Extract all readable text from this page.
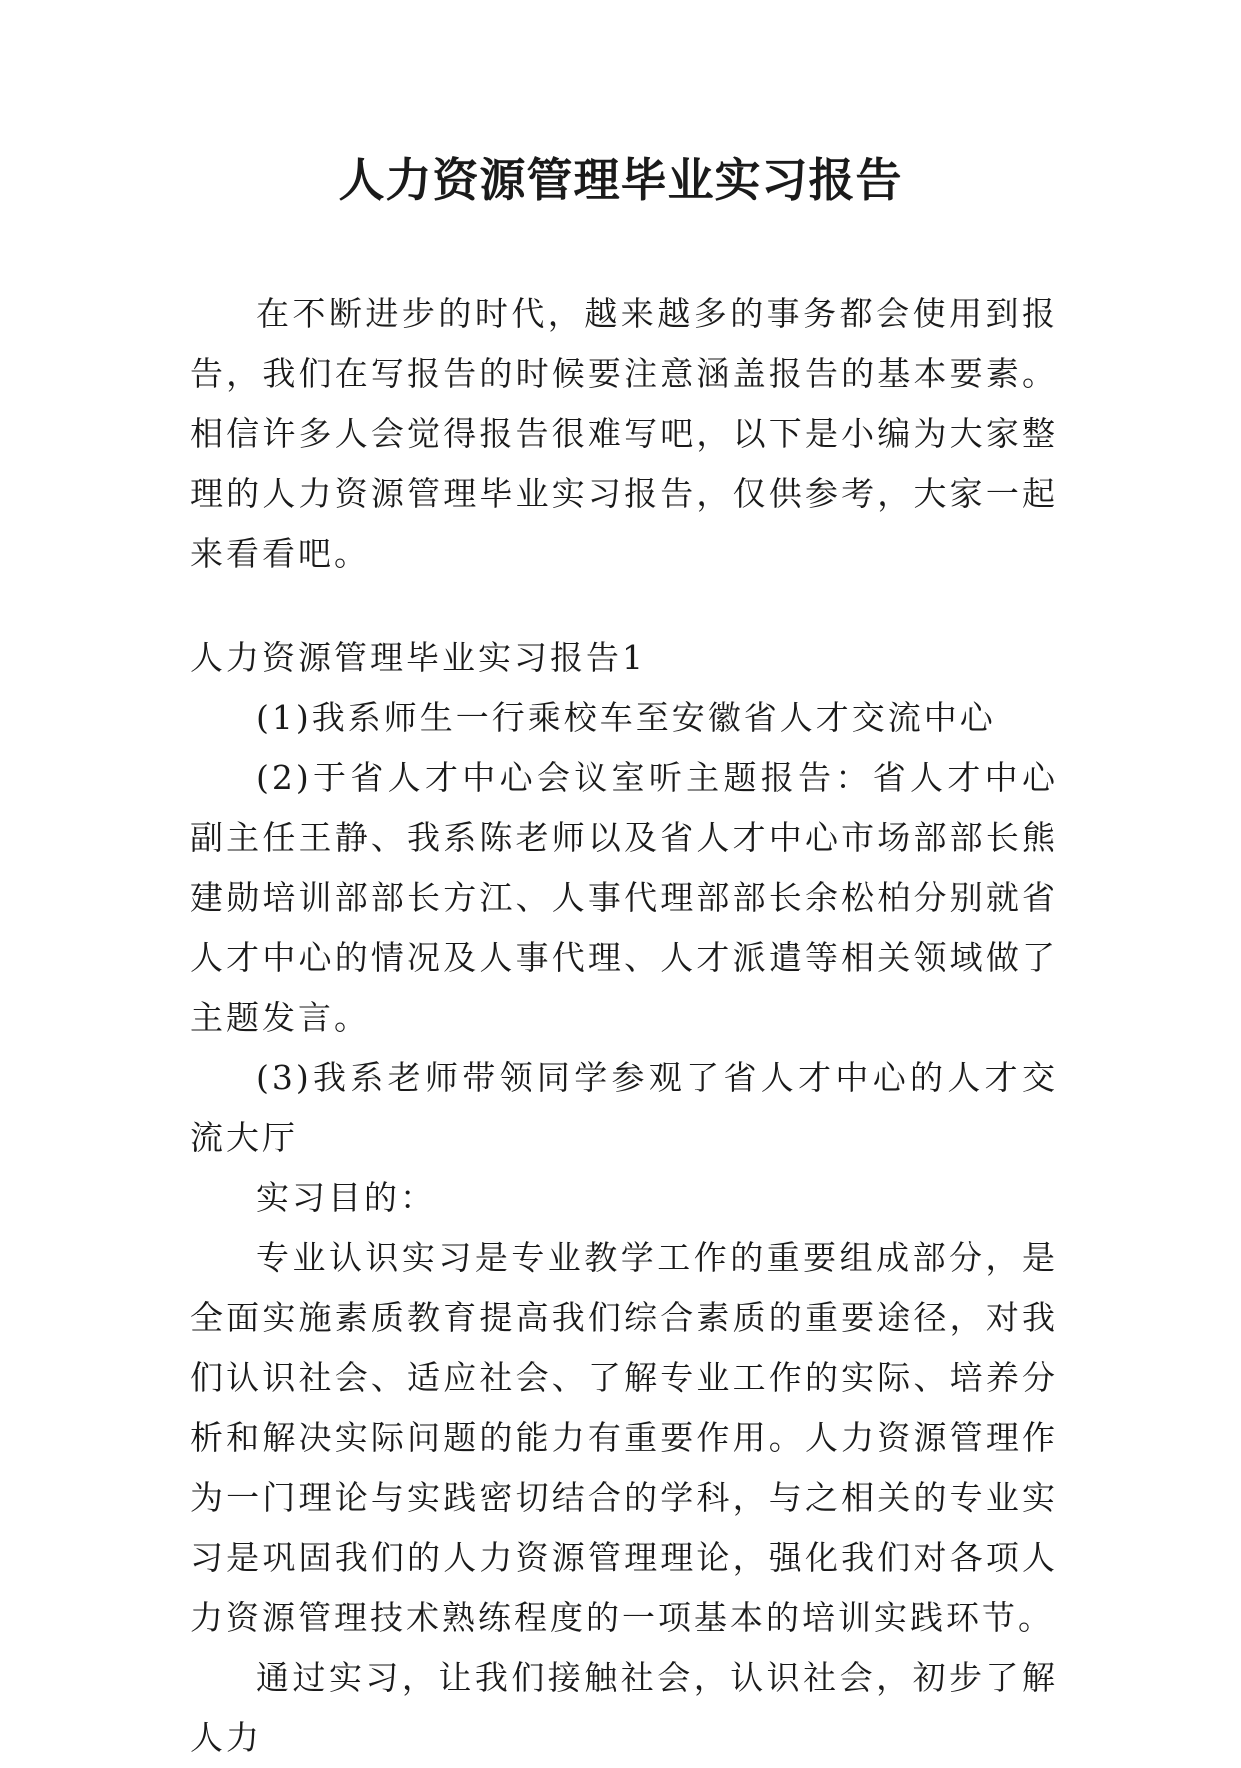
人力资源管理毕业实习报告

在不断进步的时代，越来越多的事务都会使用到报告，我们在写报告的时候要注意涵盖报告的基本要素。相信许多人会觉得报告很难写吧，以下是小编为大家整理的人力资源管理毕业实习报告，仅供参考，大家一起来看看吧。

人力资源管理毕业实习报告1

(1)我系师生一行乘校车至安徽省人才交流中心

(2)于省人才中心会议室听主题报告：省人才中心副主任王静、我系陈老师以及省人才中心市场部部长熊建勋培训部部长方江、人事代理部部长余松柏分别就省人才中心的情况及人事代理、人才派遣等相关领域做了主题发言。

(3)我系老师带领同学参观了省人才中心的人才交流大厅

实习目的：

专业认识实习是专业教学工作的重要组成部分，是全面实施素质教育提高我们综合素质的重要途径，对我们认识社会、适应社会、了解专业工作的实际、培养分析和解决实际问题的能力有重要作用。人力资源管理作为一门理论与实践密切结合的学科，与之相关的专业实习是巩固我们的人力资源管理理论，强化我们对各项人力资源管理技术熟练程度的一项基本的培训实践环节。

通过实习，让我们接触社会，认识社会，初步了解人力
